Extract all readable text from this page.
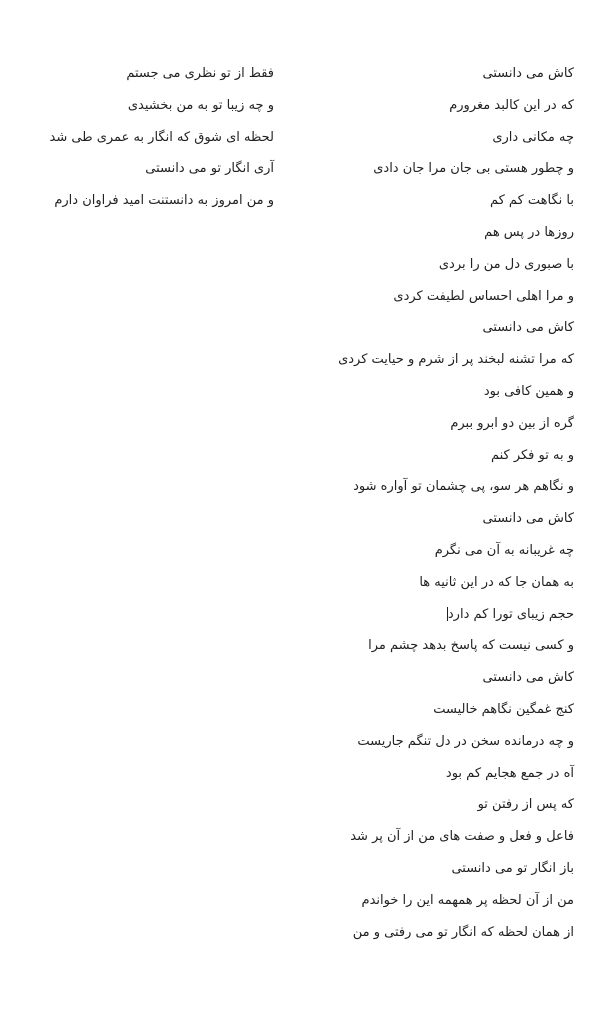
کاش می دانستی
که در این کالبد مغرورم
چه مکانی داری
و چطور هستی بی جان مرا جان دادی
با نگاهت کم کم
روزها در پس هم
با صبوری دل من را بردی
و مرا اهلی احساس لطیفت کردی
کاش می دانستی
که مرا تشنه لبخند پر از شرم و حیایت کردی
و همین کافی بود
گره از بین دو ابرو ببرم
و به تو فکر کنم
و نگاهم هر سو، پی چشمان تو آواره شود
کاش می دانستی
چه غریبانه به آن می نگرم
به همان جا که در این ثانیه ها
حجم زیبای تورا کم دارد
و کسی نیست که پاسخ بدهد چشم مرا
کاش می دانستی
کنج غمگین نگاهم خالیست
و چه درمانده سخن در دل تنگم جاریست
آه در جمع هجایم کم بود
که پس از رفتن تو
فاعل و فعل و صفت های من از آن پر شد
باز انگار تو می دانستی
من از آن لحظه پر همهمه این را خواندم
از همان لحظه که انگار تو می رفتی و من
فقط از تو نظری می جستم
و چه زیبا تو به من بخشیدی
لحظه ای شوق که انگار به عمری طی شد
آری انگار تو می دانستی
و من امروز به دانستنت امید فراوان دارم
